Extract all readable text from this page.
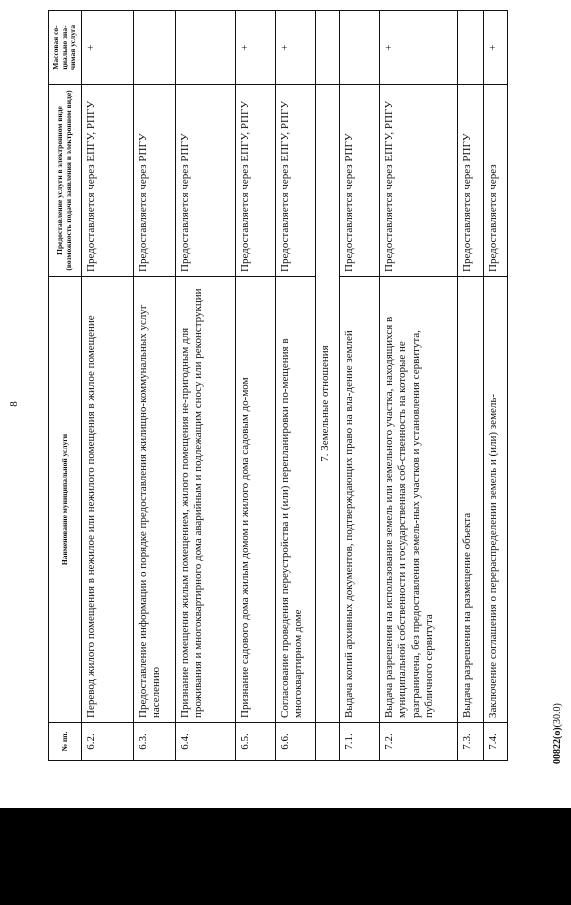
8
№ пп.	Наименование муниципальной услуги	Предоставление услуги в электронном виде (возможность подачи заявления в электронном виде)	Массовая со-циально зна-чимая услуга
6.2.	Перевод жилого помещения в нежилое или нежилого помещения в жилое помещение	Предоставляется через ЕПГУ, РПГУ	+
6.3.	Предоставление информации о порядке предоставления жилищно-коммунальных услуг населению	Предоставляется через РПГУ	
6.4.	Признание помещения жилым помещением, жилого помещения не-пригодным для проживания и многоквартирного дома аварийным и подлежащим сносу или реконструкции	Предоставляется через РПГУ	
6.5.	Признание садового дома жилым домом и жилого дома садовым до-мом	Предоставляется через ЕПГУ, РПГУ	+
6.6.	Согласование проведения переустройства и (или) перепланировки по-мещения в многоквартирном доме	Предоставляется через ЕПГУ, РПГУ	+
	7. Земельные отношения		
7.1.	Выдача копий архивных документов, подтверждающих право на вла-дение землей	Предоставляется через РПГУ	
7.2.	Выдача разрешения на использование земель или земельного участка, находящихся в муниципальной собственности и государственная соб-ственность на которые не разграничена, без предоставления земель-ных участков и установления сервитута, публичного сервитута	Предоставляется через ЕПГУ, РПГУ	+
7.3.	Выдача разрешения на размещение объекта	Предоставляется через РПГУ	
7.4.	Заключение соглашения о перераспределении земель и (или) земель-	Предоставляется через	+
00822(o)(30.0)
